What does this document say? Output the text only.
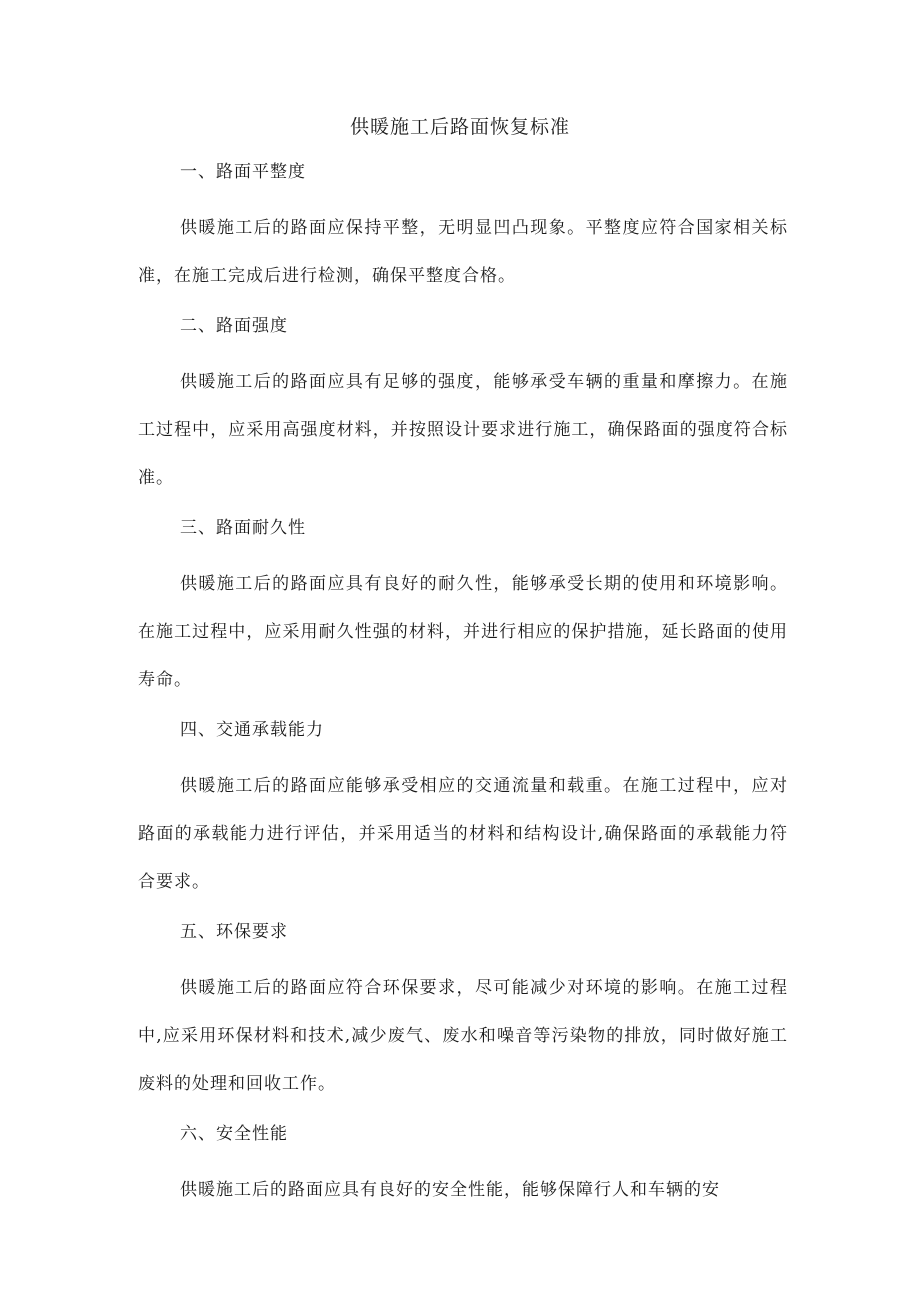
供暖施工后路面恢复标准
一、路面平整度

供暖施工后的路面应保持平整，无明显凹凸现象。平整度应符合国家相关标准，在施工完成后进行检测，确保平整度合格。

二、路面强度

供暖施工后的路面应具有足够的强度，能够承受车辆的重量和摩擦力。在施工过程中，应采用高强度材料，并按照设计要求进行施工，确保路面的强度符合标准。

三、路面耐久性

供暖施工后的路面应具有良好的耐久性，能够承受长期的使用和环境影响。在施工过程中，应采用耐久性强的材料，并进行相应的保护措施，延长路面的使用寿命。

四、交通承载能力

供暖施工后的路面应能够承受相应的交通流量和载重。在施工过程中，应对路面的承载能力进行评估，并采用适当的材料和结构设计,确保路面的承载能力符合要求。

五、环保要求

供暖施工后的路面应符合环保要求，尽可能减少对环境的影响。在施工过程中,应采用环保材料和技术,减少废气、废水和噪音等污染物的排放，同时做好施工废料的处理和回收工作。

六、安全性能

供暖施工后的路面应具有良好的安全性能，能够保障行人和车辆的安
